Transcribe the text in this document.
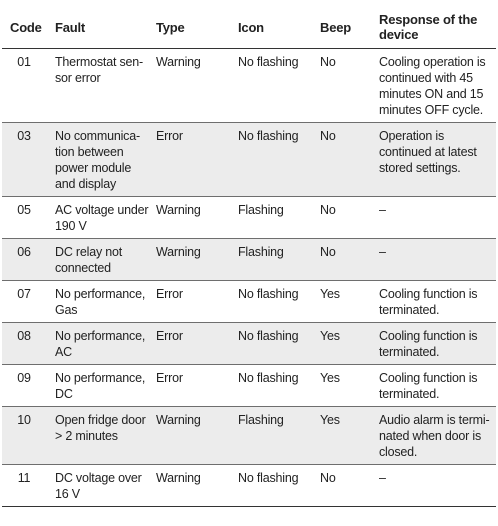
Code	Fault	Type	Icon	Beep	Response of the device
01	Thermostat sen-sor error	Warning	No flashing	No	Cooling operation is continued with 45 minutes ON and 15 minutes OFF cycle.
03	No communica-tion between power module and display	Error	No flashing	No	Operation is continued at latest stored settings.
05	AC voltage under 190 V	Warning	Flashing	No	–
06	DC relay not connected	Warning	Flashing	No	–
07	No performance, Gas	Error	No flashing	Yes	Cooling function is terminated.
08	No performance, AC	Error	No flashing	Yes	Cooling function is terminated.
09	No performance, DC	Error	No flashing	Yes	Cooling function is terminated.
10	Open fridge door > 2 minutes	Warning	Flashing	Yes	Audio alarm is termi-nated when door is closed.
11	DC voltage over 16 V	Warning	No flashing	No	–
